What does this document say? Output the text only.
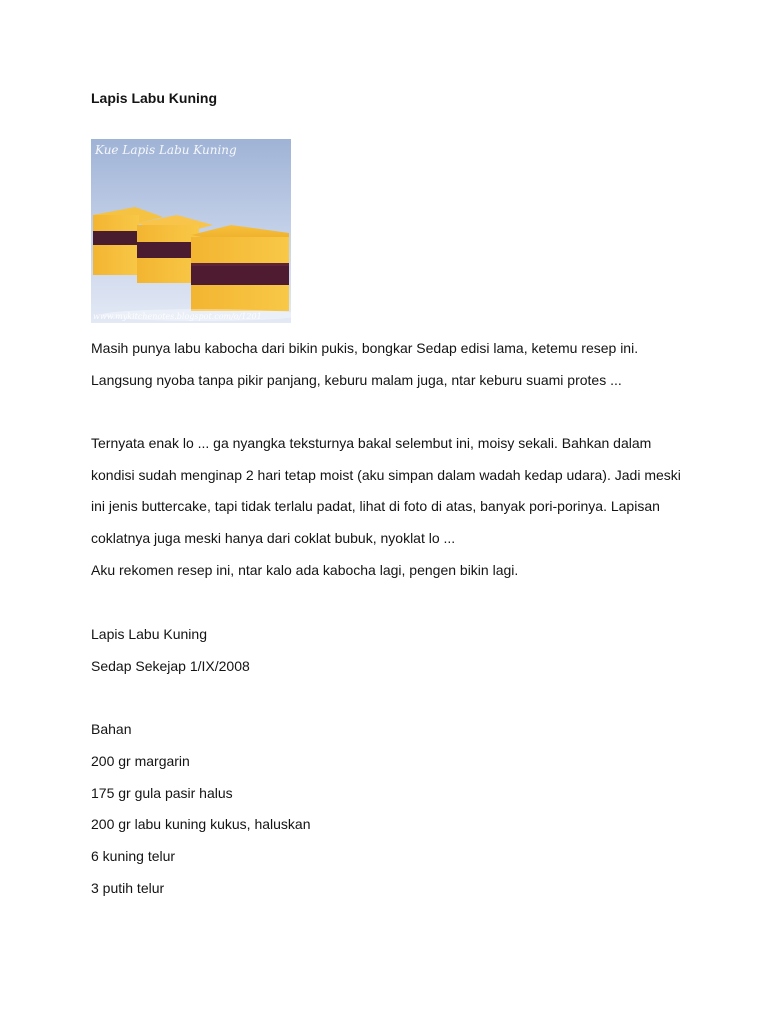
Lapis Labu Kuning
Kue Lapis Labu Kuning
www.mykitchenotes.blogspot.com/o/1201
Masih punya labu kabocha dari bikin pukis, bongkar Sedap edisi lama, ketemu resep ini.
Langsung nyoba tanpa pikir panjang, keburu malam juga, ntar keburu suami protes ...
Ternyata enak lo ... ga nyangka teksturnya bakal selembut ini, moisy sekali. Bahkan dalam
kondisi sudah menginap 2 hari tetap moist (aku simpan dalam wadah kedap udara). Jadi meski
ini jenis buttercake, tapi tidak terlalu padat, lihat di foto di atas, banyak pori-porinya. Lapisan
coklatnya juga meski hanya dari coklat bubuk, nyoklat lo ...
Aku rekomen resep ini, ntar kalo ada kabocha lagi, pengen bikin lagi.
Lapis Labu Kuning
Sedap Sekejap 1/IX/2008
Bahan
200 gr margarin
175 gr gula pasir halus
200 gr labu kuning kukus, haluskan
6 kuning telur
3 putih telur
